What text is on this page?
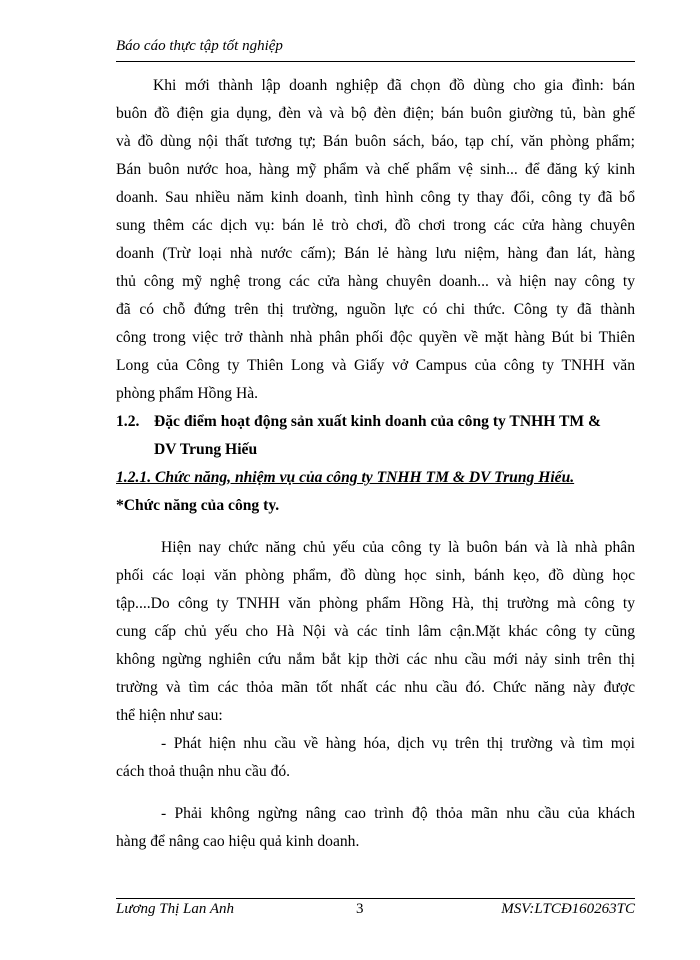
Báo cáo thực tập tốt nghiệp
Khi mới thành lập doanh nghiệp đã chọn đồ dùng cho gia đình: bán
buôn đồ điện gia dụng, đèn và và bộ đèn điện; bán buôn giường tủ, bàn ghế
và đồ dùng nội thất tương tự; Bán buôn sách, báo, tạp chí, văn phòng phẩm;
Bán buôn nước hoa, hàng mỹ phẩm và chế phẩm vệ sinh... để đăng ký kinh
doanh. Sau nhiều năm kinh doanh, tình hình công ty thay đổi, công ty đã bổ
sung thêm các dịch vụ: bán lẻ trò chơi, đồ chơi trong các cửa hàng chuyên
doanh (Trừ loại nhà nước cấm); Bán lẻ hàng lưu niệm, hàng đan lát, hàng
thủ công mỹ nghệ trong các cửa hàng chuyên doanh... và hiện nay công ty
đã có chỗ đứng trên thị trường, nguồn lực có chi thức. Công ty đã thành
công trong việc trở thành nhà phân phối độc quyền về mặt hàng Bút bi Thiên
Long của Công ty Thiên Long và Giấy vở Campus của công ty TNHH văn
phòng phẩm Hồng Hà.
1.2. Đặc điểm hoạt động sản xuất kinh doanh của công ty TNHH TM &
DV Trung Hiếu
1.2.1. Chức năng, nhiệm vụ của công ty TNHH TM & DV Trung Hiếu.
*Chức năng của công ty.
Hiện nay chức năng chủ yếu của công ty là buôn bán và là nhà phân
phối các loại văn phòng phẩm, đồ dùng học sinh, bánh kẹo, đồ dùng học
tập....Do công ty TNHH văn phòng phẩm Hồng Hà, thị trường mà công ty
cung cấp chủ yếu cho Hà Nội và các tỉnh lâm cận.Mặt khác công ty cũng
không ngừng nghiên cứu nắm bắt kịp thời các nhu cầu mới nảy sinh trên thị
trường và tìm các thỏa mãn tốt nhất các nhu cầu đó. Chức năng này được
thể hiện như sau:
- Phát hiện nhu cầu về hàng hóa, dịch vụ trên thị trường và tìm mọi
cách thoả thuận nhu cầu đó.
- Phải không ngừng nâng cao trình độ thỏa mãn nhu cầu của khách
hàng để nâng cao hiệu quả kinh doanh.
Lương Thị Lan Anh	3	MSV:LTCĐ160263TC
